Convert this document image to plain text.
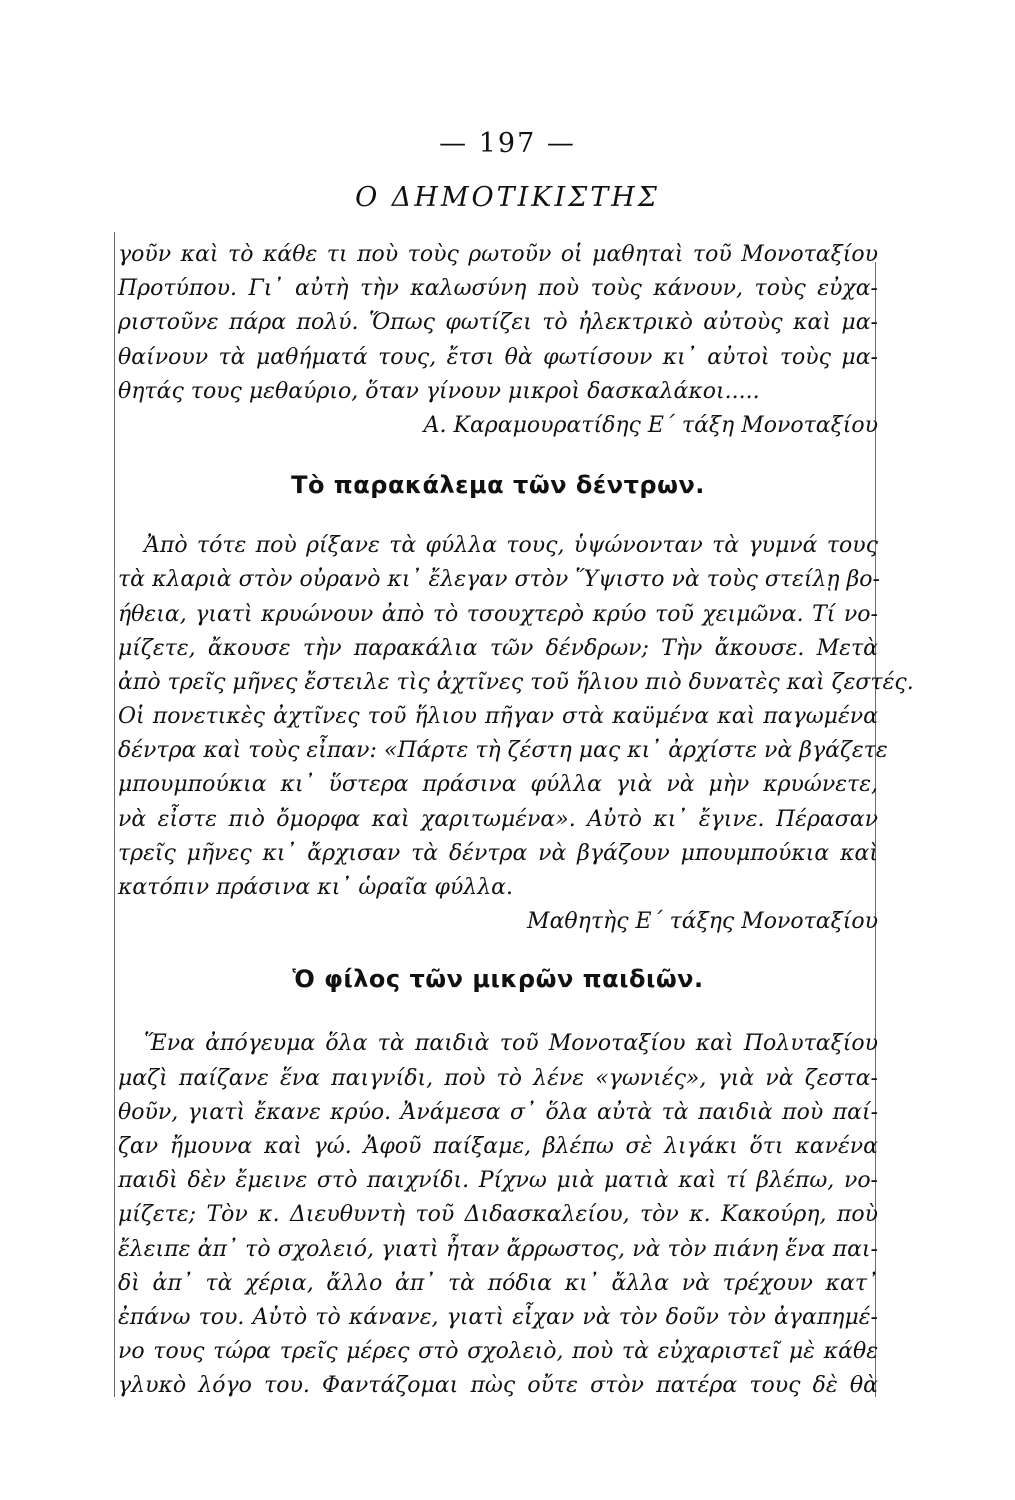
— 197 —
Ο ΔΗΜΟΤΙΚΙΣΤΗΣ
γοῦν καὶ τὸ κάθε τι ποὺ τοὺς ρωτοῦν οἱ μαθηταὶ τοῦ Μονοταξίου
Προτύπου. Γι᾽ αὐτὴ τὴν καλωσύνη ποὺ τοὺς κάνουν, τοὺς εὐχα-
ριστοῦνε πάρα πολύ. Ὅπως φωτίζει τὸ ἠλεκτρικὸ αὐτοὺς καὶ μα-
θαίνουν τὰ μαθήματά τους, ἔτσι θὰ φωτίσουν κι᾽ αὐτοὶ τοὺς μα-
θητάς τους μεθαύριο, ὅταν γίνουν μικροὶ δασκαλάκοι.....
Α. Καραμουρατίδης Ε΄ τάξη Μονοταξίου
Τὸ παρακάλεμα τῶν δέντρων.
Ἀπὸ τότε ποὺ ρίξανε τὰ φύλλα τους, ὑψώνονταν τὰ γυμνά τους
τὰ κλαριὰ στὸν οὐρανὸ κι᾽ ἔλεγαν στὸν Ὕψιστο νὰ τοὺς στείλῃ βο-
ήθεια, γιατὶ κρυώνουν ἀπὸ τὸ τσουχτερὸ κρύο τοῦ χειμῶνα. Τί νο-
μίζετε, ἄκουσε τὴν παρακάλια τῶν δένδρων; Τὴν ἄκουσε. Μετὰ
ἀπὸ τρεῖς μῆνες ἔστειλε τὶς ἀχτῖνες τοῦ ἥλιου πιὸ δυνατὲς καὶ ζεστές.
Οἱ πονετικὲς ἀχτῖνες τοῦ ἥλιου πῆγαν στὰ καϋμένα καὶ παγωμένα
δέντρα καὶ τοὺς εἶπαν: «Πάρτε τὴ ζέστη μας κι᾽ ἀρχίστε νὰ βγάζετε
μπουμπούκια κι᾽ ὕστερα πράσινα φύλλα γιὰ νὰ μὴν κρυώνετε,
νὰ εἶστε πιὸ ὄμορφα καὶ χαριτωμένα». Αὐτὸ κι᾽ ἔγινε. Πέρασαν
τρεῖς μῆνες κι᾽ ἄρχισαν τὰ δέντρα νὰ βγάζουν μπουμπούκια καὶ
κατόπιν πράσινα κι᾽ ὡραῖα φύλλα.
Μαθητὴς Ε΄ τάξης Μονοταξίου
Ὁ φίλος τῶν μικρῶν παιδιῶν.
Ἕνα ἀπόγευμα ὅλα τὰ παιδιὰ τοῦ Μονοταξίου καὶ Πολυταξίου
μαζὶ παίζανε ἕνα παιγνίδι, ποὺ τὸ λένε «γωνιές», γιὰ νὰ ζεστα-
θοῦν, γιατὶ ἔκανε κρύο. Ἀνάμεσα σ᾽ ὅλα αὐτὰ τὰ παιδιὰ ποὺ παί-
ζαν ἤμουνα καὶ γώ. Ἀφοῦ παίξαμε, βλέπω σὲ λιγάκι ὅτι κανένα
παιδὶ δὲν ἔμεινε στὸ παιχνίδι. Ρίχνω μιὰ ματιὰ καὶ τί βλέπω, νο-
μίζετε; Τὸν κ. Διευθυντὴ τοῦ Διδασκαλείου, τὸν κ. Κακούρη, ποὺ
ἔλειπε ἀπ᾽ τὸ σχολειό, γιατὶ ἦταν ἄρρωστος, νὰ τὸν πιάνη ἕνα παι-
δὶ ἀπ᾽ τὰ χέρια, ἄλλο ἀπ᾽ τὰ πόδια κι᾽ ἄλλα νὰ τρέχουν κατ᾽
ἐπάνω του. Αὐτὸ τὸ κάνανε, γιατὶ εἶχαν νὰ τὸν δοῦν τὸν ἀγαπημέ-
νο τους τώρα τρεῖς μέρες στὸ σχολειὸ, ποὺ τὰ εὐχαριστεῖ μὲ κάθε
γλυκὸ λόγο του. Φαντάζομαι πὼς οὔτε στὸν πατέρα τους δὲ θὰ
